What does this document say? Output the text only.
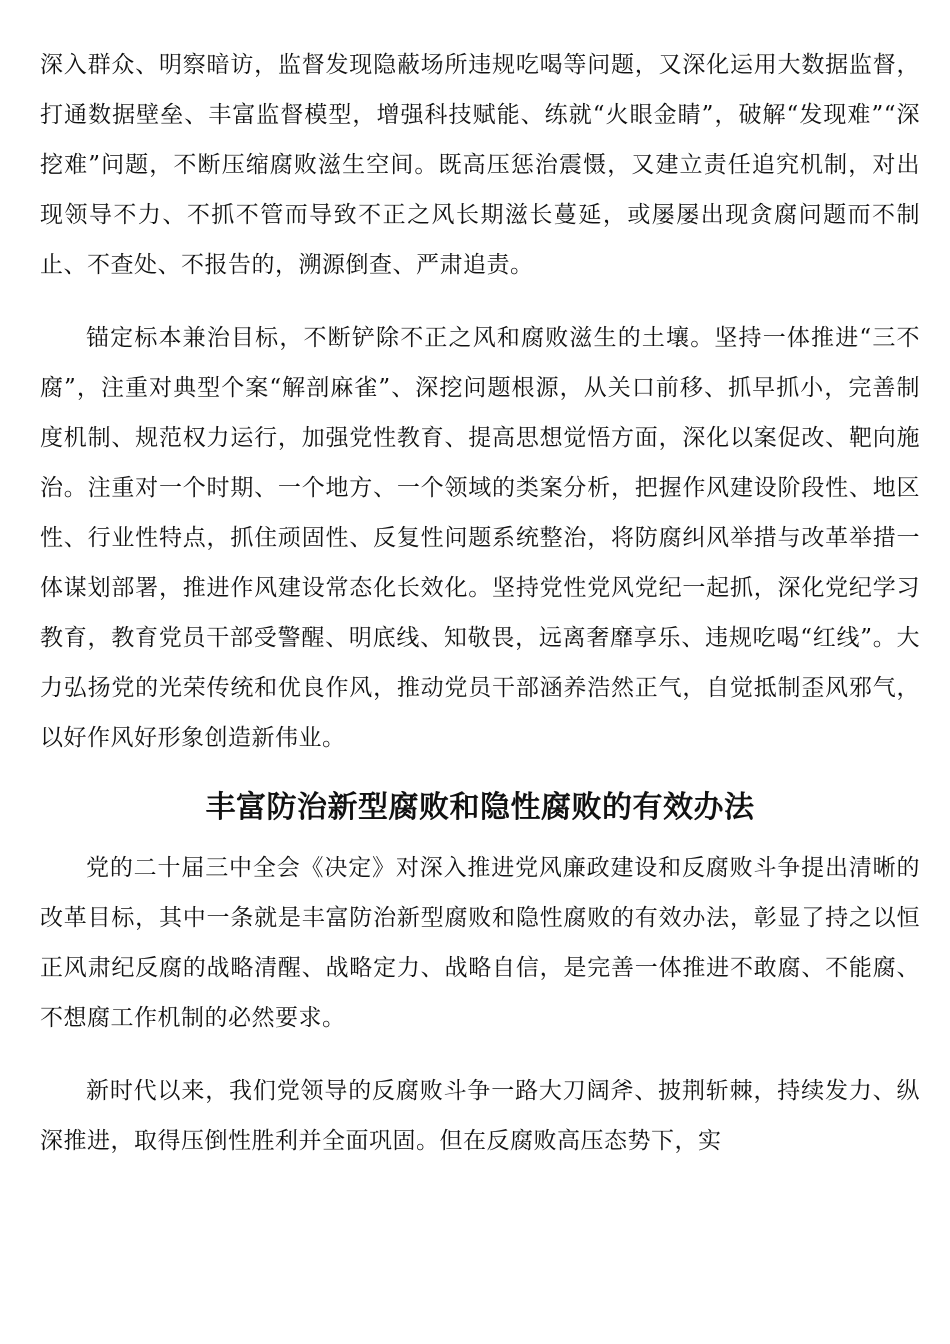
深入群众、明察暗访，监督发现隐蔽场所违规吃喝等问题，又深化运用大数据监督，打通数据壁垒、丰富监督模型，增强科技赋能、练就“火眼金睛”，破解“发现难”“深挖难”问题，不断压缩腐败滋生空间。既高压惩治震慑，又建立责任追究机制，对出现领导不力、不抓不管而导致不正之风长期滋长蔓延，或屡屡出现贪腐问题而不制止、不查处、不报告的，溯源倒查、严肃追责。

锚定标本兼治目标，不断铲除不正之风和腐败滋生的土壤。坚持一体推进“三不腐”，注重对典型个案“解剖麻雀”、深挖问题根源，从关口前移、抓早抓小，完善制度机制、规范权力运行，加强党性教育、提高思想觉悟方面，深化以案促改、靶向施治。注重对一个时期、一个地方、一个领域的类案分析，把握作风建设阶段性、地区性、行业性特点，抓住顽固性、反复性问题系统整治，将防腐纠风举措与改革举措一体谋划部署，推进作风建设常态化长效化。坚持党性党风党纪一起抓，深化党纪学习教育，教育党员干部受警醒、明底线、知敬畏，远离奢靡享乐、违规吃喝“红线”。大力弘扬党的光荣传统和优良作风，推动党员干部涵养浩然正气，自觉抵制歪风邪气，以好作风好形象创造新伟业。

丰富防治新型腐败和隐性腐败的有效办法

党的二十届三中全会《决定》对深入推进党风廉政建设和反腐败斗争提出清晰的改革目标，其中一条就是丰富防治新型腐败和隐性腐败的有效办法，彰显了持之以恒正风肃纪反腐的战略清醒、战略定力、战略自信，是完善一体推进不敢腐、不能腐、不想腐工作机制的必然要求。

新时代以来，我们党领导的反腐败斗争一路大刀阔斧、披荆斩棘，持续发力、纵深推进，取得压倒性胜利并全面巩固。但在反腐败高压态势下，实
